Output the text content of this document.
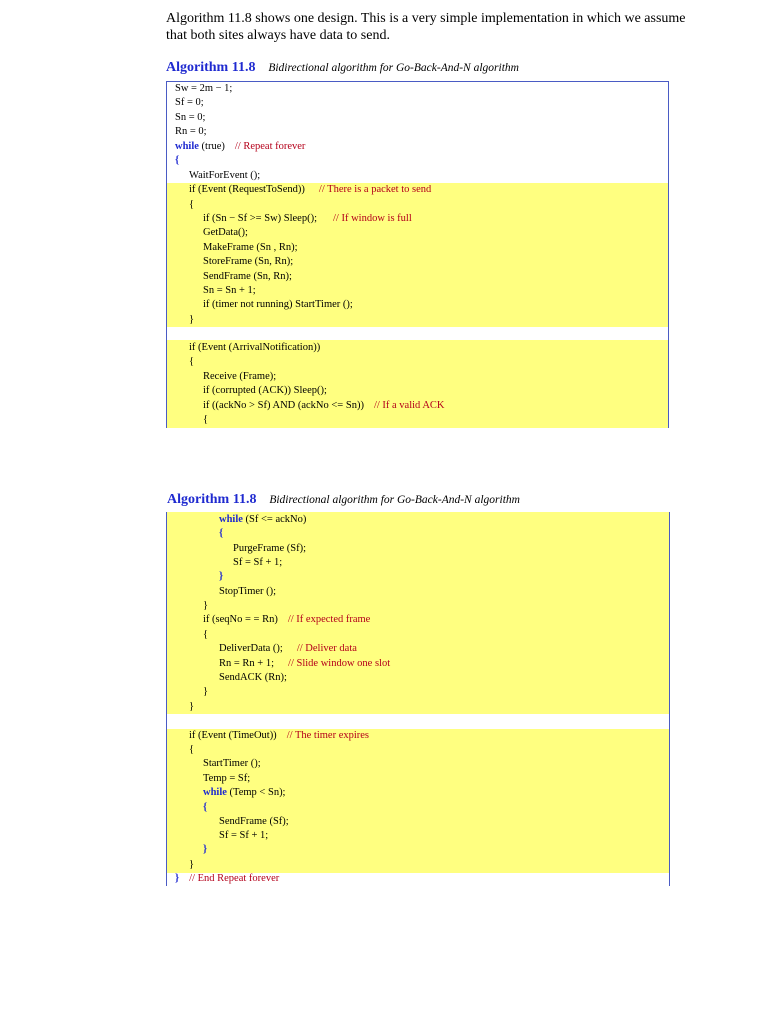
Algorithm 11.8 shows one design. This is a very simple implementation in which we assume that both sites always have data to send.
Algorithm 11.8 Bidirectional algorithm for Go-Back-And-N algorithm
Sw = 2m − 1;
Sf = 0;
Sn = 0;
Rn = 0;
while (true) // Repeat forever
{
WaitForEvent ();
if (Event (RequestToSend)) // There is a packet to send
{
if (Sn − Sf >= Sw) Sleep(); // If window is full
GetData();
MakeFrame (Sn , Rn);
StoreFrame (Sn, Rn);
SendFrame (Sn, Rn);
Sn = Sn + 1;
if (timer not running) StartTimer ();
}
if (Event (ArrivalNotification))
{
Receive (Frame);
if (corrupted (ACK)) Sleep();
if ((ackNo > Sf) AND (ackNo <= Sn)) // If a valid ACK
{
Algorithm 11.8 Bidirectional algorithm for Go-Back-And-N algorithm
while (Sf <= ackNo)
{
PurgeFrame (Sf);
Sf = Sf + 1;
}
StopTimer ();
}
if (seqNo = = Rn) // If expected frame
{
DeliverData (); // Deliver data
Rn = Rn + 1; // Slide window one slot
SendACK (Rn);
}
}
if (Event (TimeOut)) // The timer expires
{
StartTimer ();
Temp = Sf;
while (Temp < Sn);
{
SendFrame (Sf);
Sf = Sf + 1;
}
}
} // End Repeat forever
